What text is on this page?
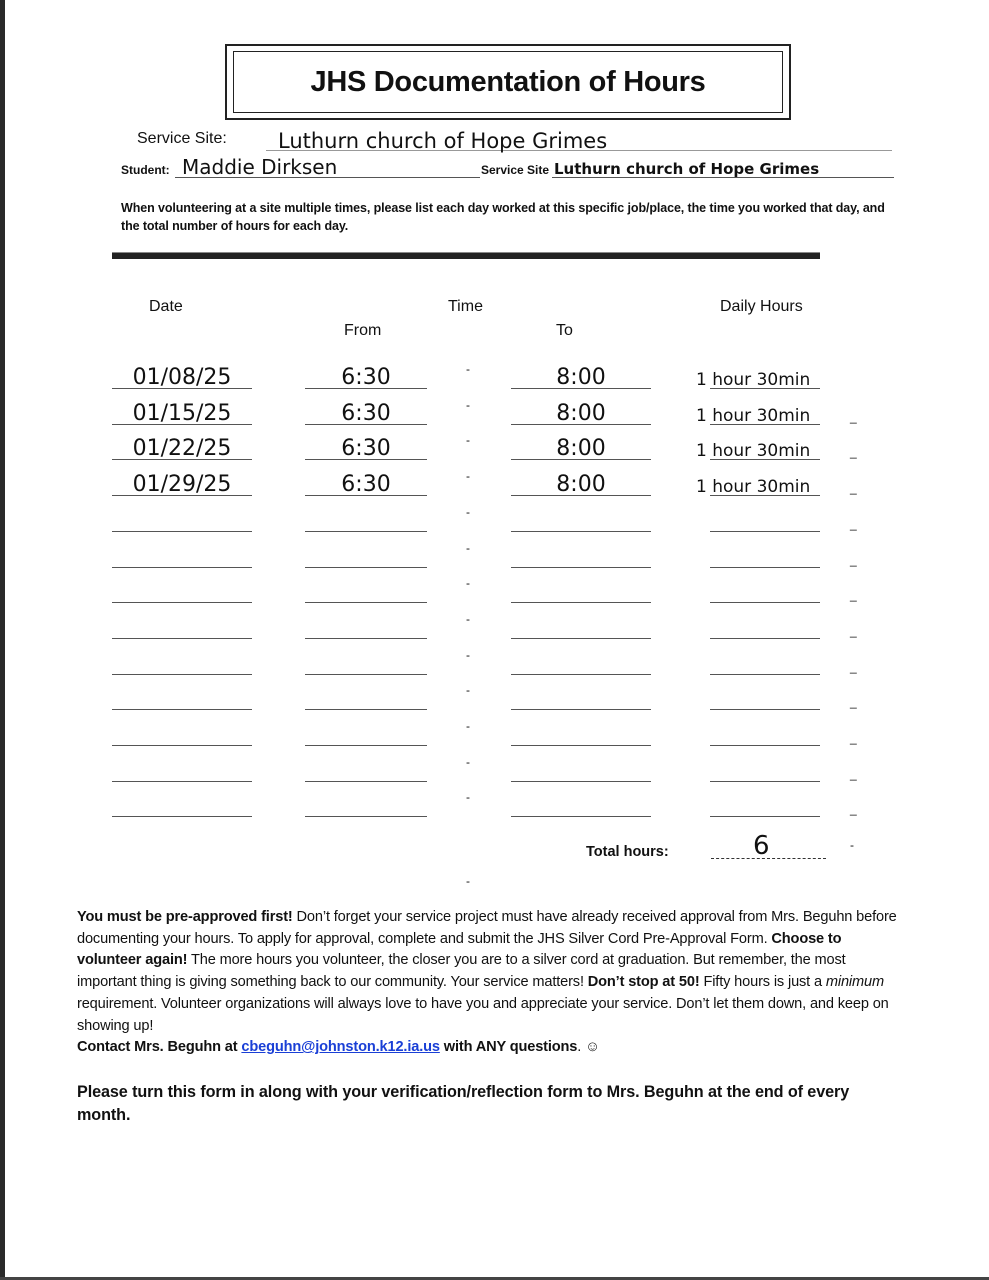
JHS Documentation of Hours
Service Site: Luthurn church of Hope Grimes
Student: Maddie Dirksen	Service Site Luthurn church of Hope Grimes
When volunteering at a site multiple times, please list each day worked at this specific job/place, the time you worked that day, and the total number of hours for each day.
Date	Time
From	To
Daily Hours
01/08/25	6:30	8:00	1 hour 30min
-
01/15/25	6:30	8:00	1 hour 30min
-
_
01/22/25	6:30	8:00	1 hour 30min
-
_
01/29/25	6:30	8:00	1 hour 30min
-
_
-
_
-
_
-
_
-
_
-
_
-
_
-
_
-
_
-
_
Total hours:	6	-
-
You must be pre-approved first! Don’t forget your service project must have already received approval from Mrs. Beguhn before documenting your hours. To apply for approval, complete and submit the JHS Silver Cord Pre-Approval Form. Choose to volunteer again! The more hours you volunteer, the closer you are to a silver cord at graduation. But remember, the most important thing is giving something back to our community. Your service matters! Don’t stop at 50! Fifty hours is just a minimum requirement. Volunteer organizations will always love to have you and appreciate your service. Don’t let them down, and keep on showing up!
Contact Mrs. Beguhn at cbeguhn@johnston.k12.ia.us with ANY questions. ☺
Please turn this form in along with your verification/reflection form to Mrs. Beguhn at the end of every month.
